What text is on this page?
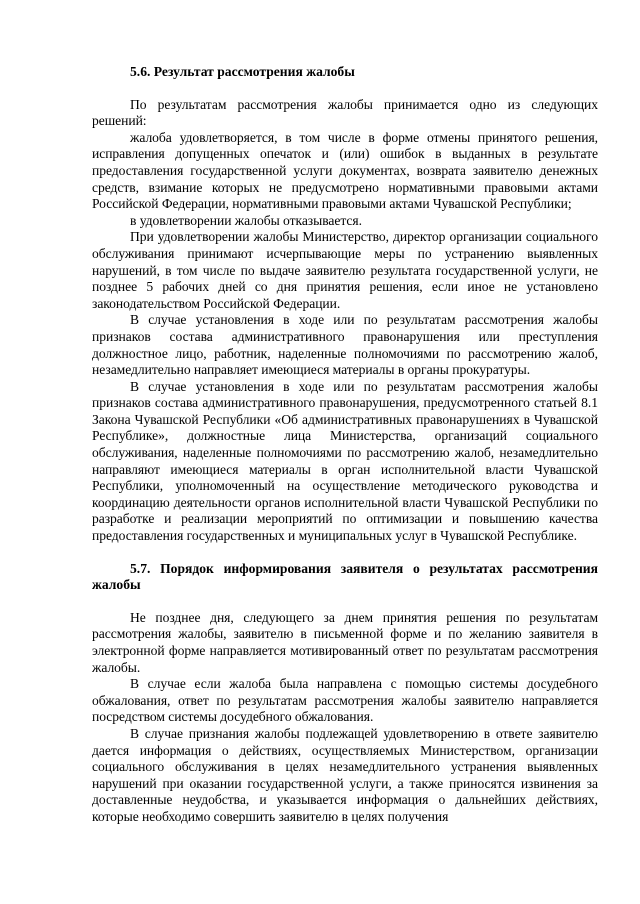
5.6. Результат рассмотрения жалобы

По результатам рассмотрения жалобы принимается одно из следующих решений:

жалоба удовлетворяется, в том числе в форме отмены принятого решения, исправления допущенных опечаток и (или) ошибок в выданных в результате предоставления государственной услуги документах, возврата заявителю денежных средств, взимание которых не предусмотрено нормативными правовыми актами Российской Федерации, нормативными правовыми актами Чувашской Республики;

в удовлетворении жалобы отказывается.

При удовлетворении жалобы Министерство, директор организации социального обслуживания принимают исчерпывающие меры по устранению выявленных нарушений, в том числе по выдаче заявителю результата государственной услуги, не позднее 5 рабочих дней со дня принятия решения, если иное не установлено законодательством Российской Федерации.

В случае установления в ходе или по результатам рассмотрения жалобы признаков состава административного правонарушения или преступления должностное лицо, работник, наделенные полномочиями по рассмотрению жалоб, незамедлительно направляет имеющиеся материалы в органы прокуратуры.

В случае установления в ходе или по результатам рассмотрения жалобы признаков состава административного правонарушения, предусмотренного статьей 8.1 Закона Чувашской Республики «Об административных правонарушениях в Чувашской Республике», должностные лица Министерства, организаций социального обслуживания, наделенные полномочиями по рассмотрению жалоб, незамедлительно направляют имеющиеся материалы в орган исполнительной власти Чувашской Республики, уполномоченный на осуществление методического руководства и координацию деятельности органов исполнительной власти Чувашской Республики по разработке и реализации мероприятий по оптимизации и повышению качества предоставления государственных и муниципальных услуг в Чувашской Республике.

5.7. Порядок информирования заявителя о результатах рассмотрения жалобы

Не позднее дня, следующего за днем принятия решения по результатам рассмотрения жалобы, заявителю в письменной форме и по желанию заявителя в электронной форме направляется мотивированный ответ по результатам рассмотрения жалобы.

В случае если жалоба была направлена с помощью системы досудебного обжалования, ответ по результатам рассмотрения жалобы заявителю направляется посредством системы досудебного обжалования.

В случае признания жалобы подлежащей удовлетворению в ответе заявителю дается информация о действиях, осуществляемых Министерством, организации социального обслуживания в целях незамедлительного устранения выявленных нарушений при оказании государственной услуги, а также приносятся извинения за доставленные неудобства, и указывается информация о дальнейших действиях, которые необходимо совершить заявителю в целях получения
